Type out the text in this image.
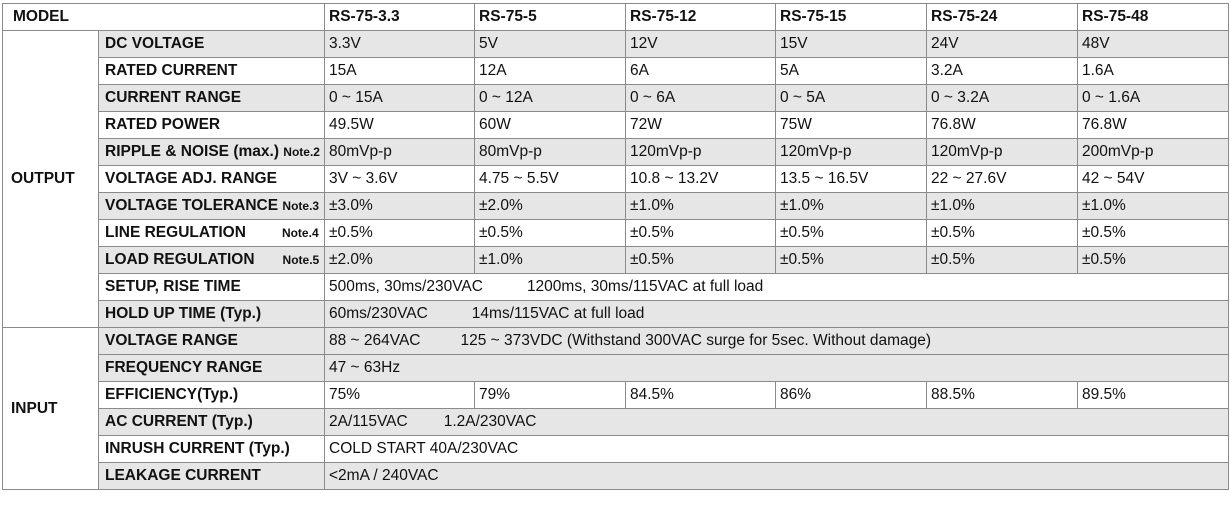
MODEL		RS-75-3.3	RS-75-5	RS-75-12	RS-75-15	RS-75-24	RS-75-48
OUTPUT	DC VOLTAGE	3.3V	5V	12V	15V	24V	48V
	RATED CURRENT	15A	12A	6A	5A	3.2A	1.6A
	CURRENT RANGE	0 ~ 15A	0 ~ 12A	0 ~ 6A	0 ~ 5A	0 ~ 3.2A	0 ~ 1.6A
	RATED POWER	49.5W	60W	72W	75W	76.8W	76.8W
	RIPPLE & NOISE (max.) Note.2	80mVp-p	80mVp-p	120mVp-p	120mVp-p	120mVp-p	200mVp-p
	VOLTAGE ADJ. RANGE	3V ~ 3.6V	4.75 ~ 5.5V	10.8 ~ 13.2V	13.5 ~ 16.5V	22 ~ 27.6V	42 ~ 54V
	VOLTAGE TOLERANCE Note.3	±3.0%	±2.0%	±1.0%	±1.0%	±1.0%	±1.0%
	LINE REGULATION Note.4	±0.5%	±0.5%	±0.5%	±0.5%	±0.5%	±0.5%
	LOAD REGULATION Note.5	±2.0%	±1.0%	±0.5%	±0.5%	±0.5%	±0.5%
	SETUP, RISE TIME	500ms, 30ms/230VAC 1200ms, 30ms/115VAC at full load					
	HOLD UP TIME (Typ.)	60ms/230VAC 14ms/115VAC at full load					
INPUT	VOLTAGE RANGE	88 ~ 264VAC 125 ~ 373VDC (Withstand 300VAC surge for 5sec. Without damage)					
	FREQUENCY RANGE	47 ~ 63Hz					
	EFFICIENCY(Typ.)	75%	79%	84.5%	86%	88.5%	89.5%
	AC CURRENT (Typ.)	2A/115VAC 1.2A/230VAC					
	INRUSH CURRENT (Typ.)	COLD START 40A/230VAC					
	LEAKAGE CURRENT	<2mA / 240VAC					
